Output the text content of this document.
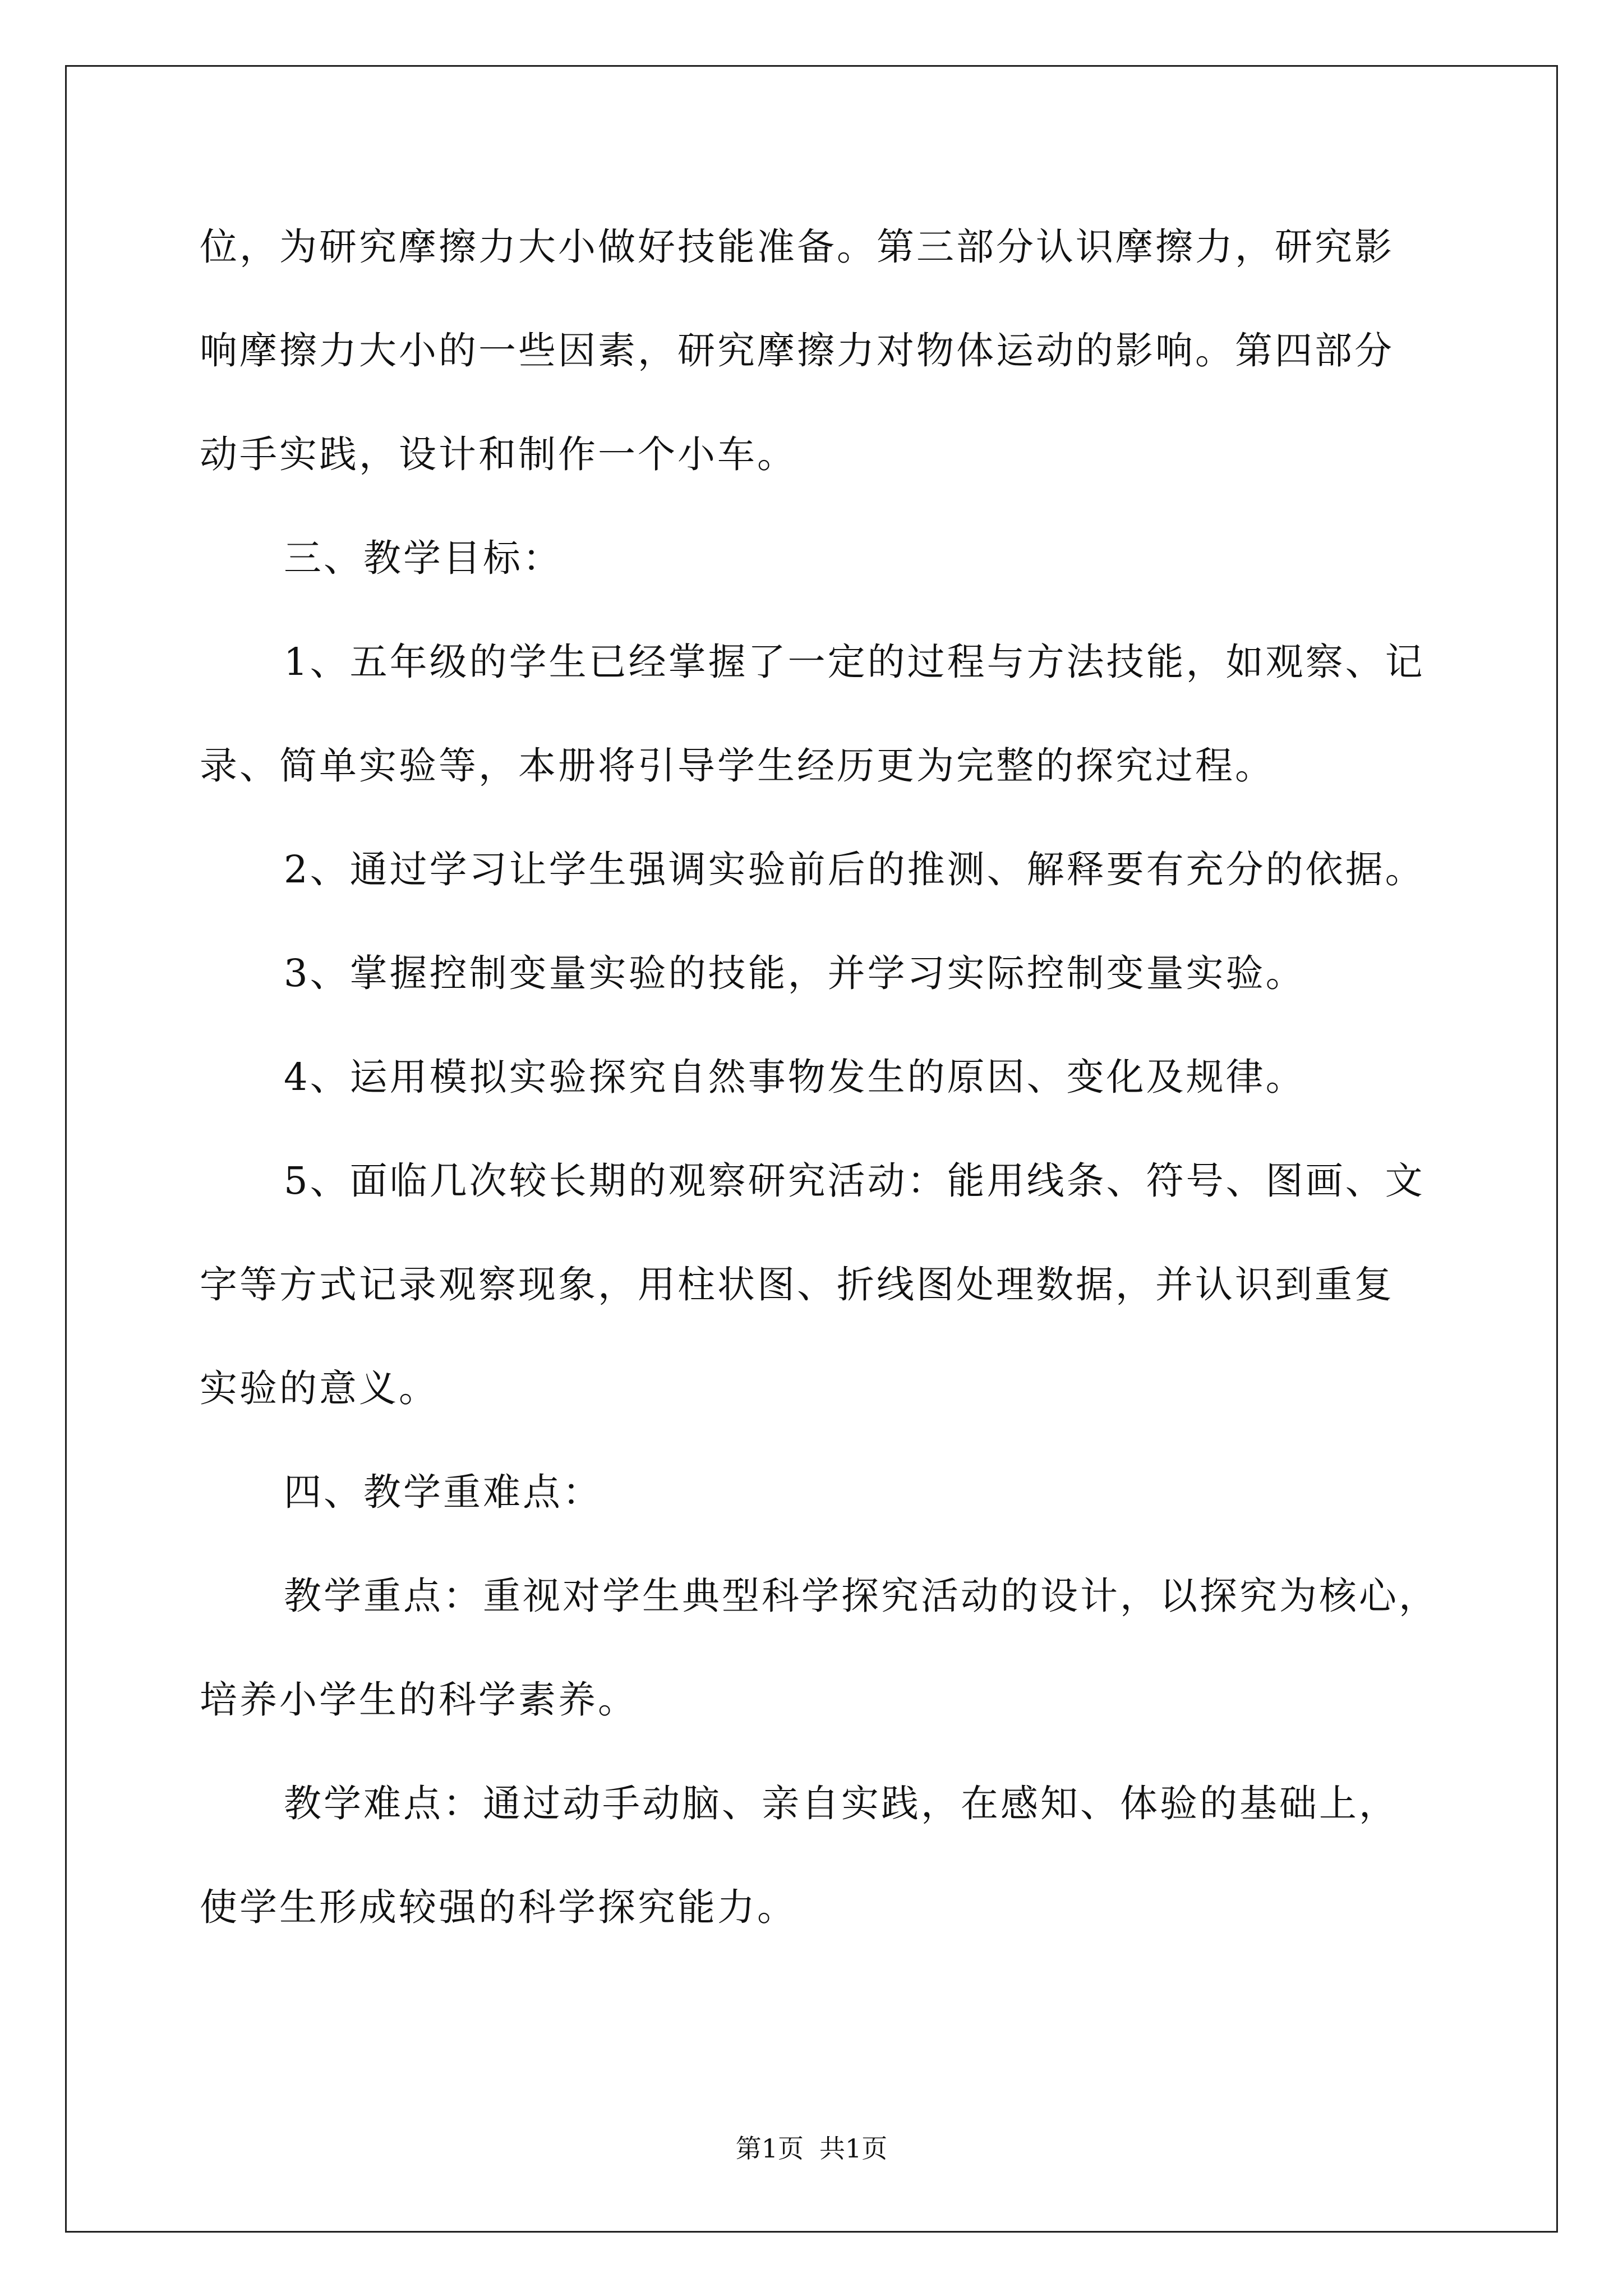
位，为研究摩擦力大小做好技能准备。第三部分认识摩擦力，研究影
响摩擦力大小的一些因素，研究摩擦力对物体运动的影响。第四部分
动手实践，设计和制作一个小车。
三、教学目标：
1、五年级的学生已经掌握了一定的过程与方法技能，如观察、记
录、简单实验等，本册将引导学生经历更为完整的探究过程。
2、通过学习让学生强调实验前后的推测、解释要有充分的依据。
3、掌握控制变量实验的技能，并学习实际控制变量实验。
4、运用模拟实验探究自然事物发生的原因、变化及规律。
5、面临几次较长期的观察研究活动：能用线条、符号、图画、文
字等方式记录观察现象，用柱状图、折线图处理数据，并认识到重复
实验的意义。
四、教学重难点：
教学重点：重视对学生典型科学探究活动的设计，以探究为核心，
培养小学生的科学素养。
教学难点：通过动手动脑、亲自实践，在感知、体验的基础上，
使学生形成较强的科学探究能力。
第1页 共1页
